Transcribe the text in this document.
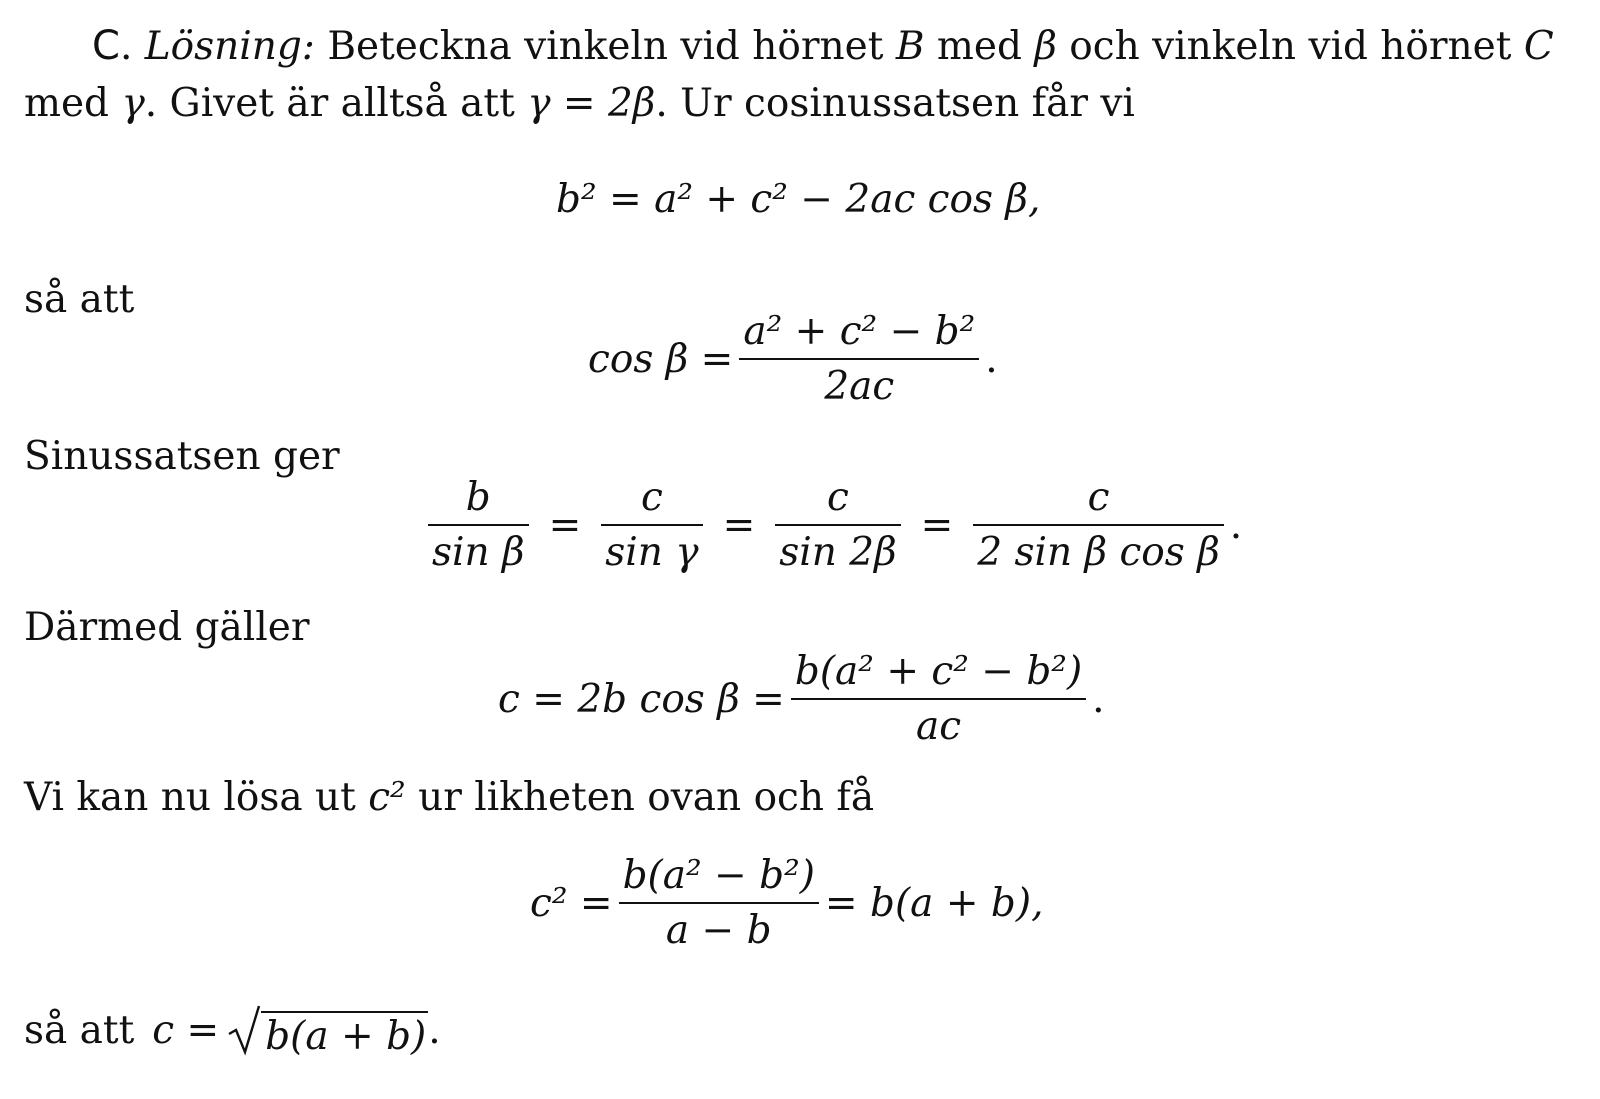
C. Lösning: Beteckna vinkeln vid hörnet B med β och vinkeln vid hörnet C
med γ. Givet är alltså att γ = 2β. Ur cosinussatsen får vi
b² = a² + c² − 2ac cos β,
så att
$\cos \beta = \frac{\text{a² + c² − b²}}{2ac}$ .
Sinussatsen ger
$\frac{b}{\text{sin β}} = \frac{c}{\text{sin γ}} = \frac{c}{\sin 2\beta} = \frac{c}{\text{2 sin β cos β}}$ .
Därmed gäller
c = 2b $\cos \beta = \frac{\text{b(a² + c² − b²)}}{ac}$ .
Vi kan nu lösa ut c² ur likheten ovan och få
$c^2 = \frac{\text{b(a² − b²)}}{a - b} = b(a + b)$,
så att c = b(a + b) .
